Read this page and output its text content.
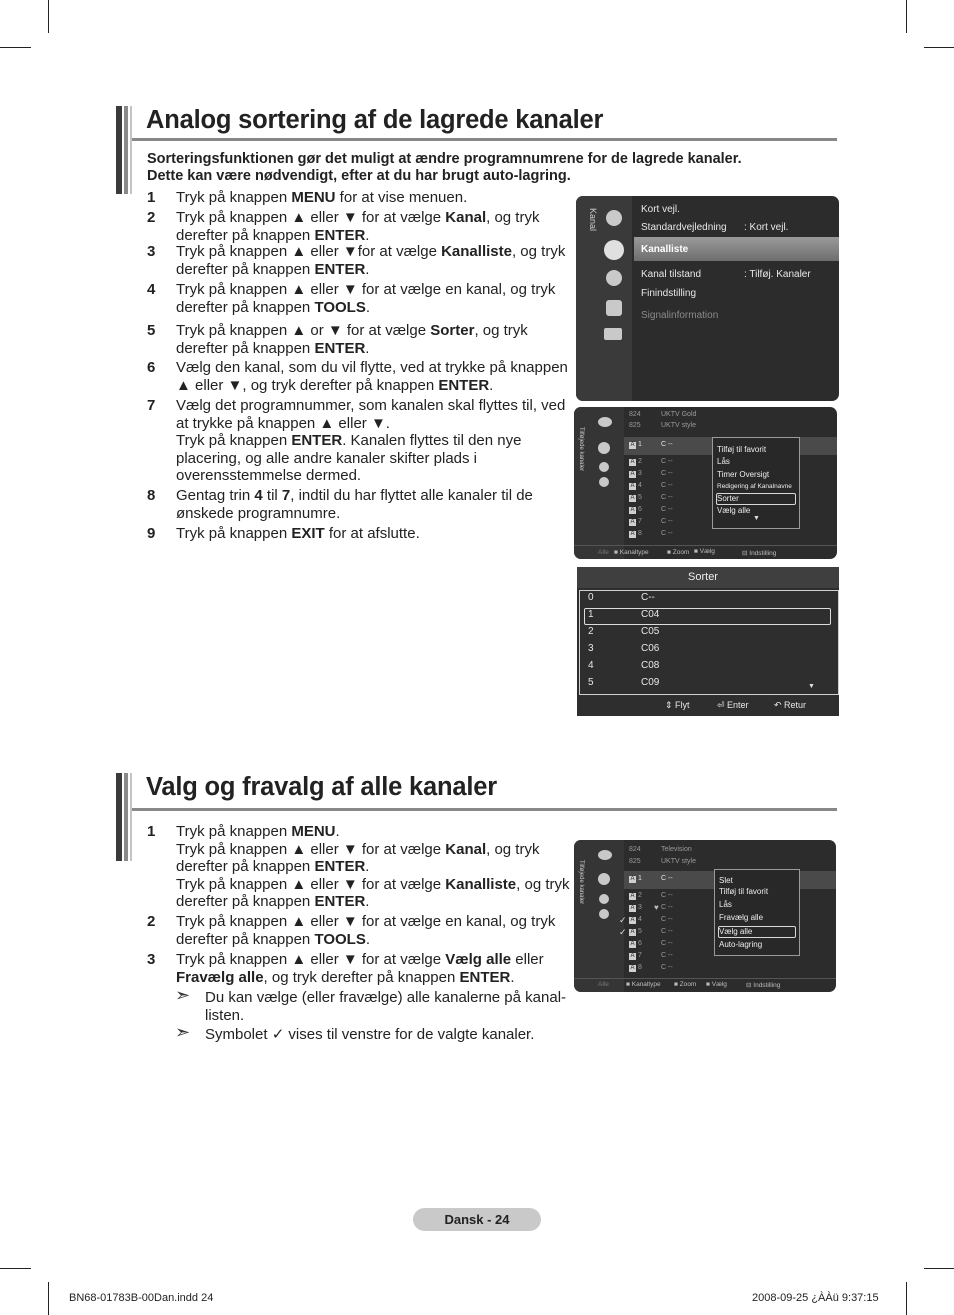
Analog sortering af de lagrede kanaler
Sorteringsfunktionen gør det muligt at ændre programnumrene for de lagrede kanaler.
Dette kan være nødvendigt, efter at du har brugt auto-lagring.
1 Tryk på knappen MENU for at vise menuen.
2 Tryk på knappen ▲ eller ▼ for at vælge Kanal, og tryk derefter på knappen ENTER.
3 Tryk på knappen ▲ eller ▼for at vælge Kanalliste, og tryk derefter på knappen ENTER.
4 Tryk på knappen ▲ eller ▼ for at vælge en kanal, og tryk derefter på knappen TOOLS.
5 Tryk på knappen ▲ or ▼ for at vælge Sorter, og tryk derefter på knappen ENTER.
6 Vælg den kanal, som du vil flytte, ved at trykke på knappen ▲ eller ▼, og tryk derefter på knappen ENTER.
7 Vælg det programnummer, som kanalen skal flyttes til, ved at trykke på knappen ▲ eller ▼.
Tryk på knappen ENTER. Kanalen flyttes til den nye placering, og alle andre kanaler skifter plads i overensstemmelse dermed.
8 Gentag trin 4 til 7, indtil du har flyttet alle kanaler til de ønskede programnumre.
9 Tryk på knappen EXIT for at afslutte.
Kanal	Kort vejl.
Standardvejledning : Kort vejl.
Kanalliste
Kanal tilstand	: Tilføj. Kanaler
Finindstilling
Signalinformation
Tilføjede kanaler
824	UKTV Gold
825	UKTV style
A 1	C --
A 2	C --
A 3	C --
A 4	C --
A 5	C --
A 6	C --
A 7	C --
A 8	C --
Tilføj til favorit
Lås
Timer Oversigt
Redigering af Kanalnavne
Sorter
Vælg alle
▼
Alle ■ Kanaltype	■ Zoom ■ Vælg	⊟ Indstilling
Sorter
0	C--
1	C04
2	C05
3	C06
4	C08
5	C09	▼
⇕ Flyt	⏎ Enter	↶ Retur
Valg og fravalg af alle kanaler
1 Tryk på knappen MENU.
Tryk på knappen ▲ eller ▼ for at vælge Kanal, og tryk derefter på knappen ENTER.
Tryk på knappen ▲ eller ▼ for at vælge Kanalliste, og tryk derefter på knappen ENTER.
2 Tryk på knappen ▲ eller ▼ for at vælge en kanal, og tryk derefter på knappen TOOLS.
3 Tryk på knappen ▲ eller ▼ for at vælge Vælg alle eller Fravælg alle, og tryk derefter på knappen ENTER.
➣ Du kan vælge (eller fravælge) alle kanalerne på kanal-listen.
➣ Symbolet ✓ vises til venstre for de valgte kanaler.
Tilføjede kanaler
824	Television
825	UKTV style
A 1	C --
A 2	C --
A 3 ♥ C --
✓ A 4	C --
✓ A 5	C --
A 6	C --
A 7	C --
A 8	C --
Slet
Tilføj til favorit
Lås
Fravælg alle
Vælg alle
Auto-lagring
Alle	■ Kanaltype ■ Zoom ■ Vælg	⊟ Indstilling
Dansk - 24
BN68-01783B-00Dan.indd 24	2008-09-25 ¿ÀÀü 9:37:15
